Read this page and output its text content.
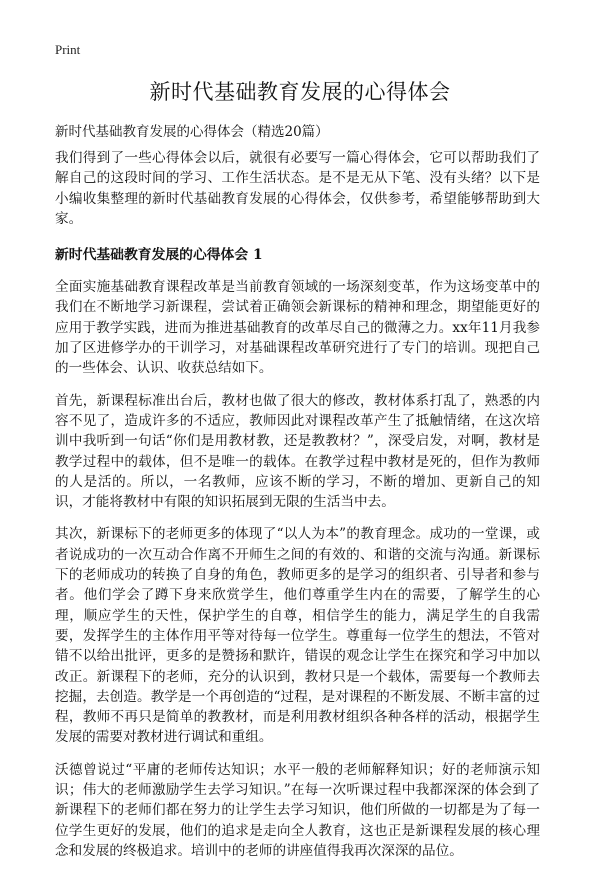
Print
新时代基础教育发展的心得体会

新时代基础教育发展的心得体会（精选20篇）

我们得到了一些心得体会以后，就很有必要写一篇心得体会，它可以帮助我们了解自己的这段时间的学习、工作生活状态。是不是无从下笔、没有头绪？以下是小编收集整理的新时代基础教育发展的心得体会，仅供参考，希望能够帮助到大家。

新时代基础教育发展的心得体会 1

全面实施基础教育课程改革是当前教育领域的一场深刻变革，作为这场变革中的我们在不断地学习新课程，尝试着正确领会新课标的精神和理念，期望能更好的应用于教学实践，进而为推进基础教育的改革尽自己的微薄之力。xx年11月我参加了区进修学办的干训学习，对基础课程改革研究进行了专门的培训。现把自己的一些体会、认识、收获总结如下。

首先，新课程标准出台后，教材也做了很大的修改，教材体系打乱了，熟悉的内容不见了，造成许多的不适应，教师因此对课程改革产生了抵触情绪，在这次培训中我听到一句话“你们是用教材教，还是教教材？”，深受启发，对啊，教材是教学过程中的载体，但不是唯一的载体。在教学过程中教材是死的，但作为教师的人是活的。所以，一名教师，应该不断的学习，不断的增加、更新自己的知识，才能将教材中有限的知识拓展到无限的生活当中去。

其次，新课标下的老师更多的体现了“以人为本”的教育理念。成功的一堂课，或者说成功的一次互动合作离不开师生之间的有效的、和谐的交流与沟通。新课标下的老师成功的转换了自身的角色，教师更多的是学习的组织者、引导者和参与者。他们学会了蹲下身来欣赏学生，他们尊重学生内在的需要，了解学生的心理，顺应学生的天性，保护学生的自尊，相信学生的能力，满足学生的自我需要，发挥学生的主体作用平等对待每一位学生。尊重每一位学生的想法，不管对错不以给出批评，更多的是赞扬和默许，错误的观念让学生在探究和学习中加以改正。新课程下的老师，充分的认识到，教材只是一个载体，需要每一个教师去挖掘，去创造。教学是一个再创造的“过程，是对课程的不断发展、不断丰富的过程，教师不再只是简单的教教材，而是利用教材组织各种各样的活动，根据学生发展的需要对教材进行调试和重组。

沃德曾说过“平庸的老师传达知识；水平一般的老师解释知识；好的老师演示知识；伟大的老师激励学生去学习知识。”在每一次听课过程中我都深深的体会到了新课程下的老师们都在努力的让学生去学习知识，他们所做的一切都是为了每一位学生更好的发展，他们的追求是走向全人教育，这也正是新课程发展的核心理念和发展的终极追求。培训中的老师的讲座值得我再次深深的品位。
